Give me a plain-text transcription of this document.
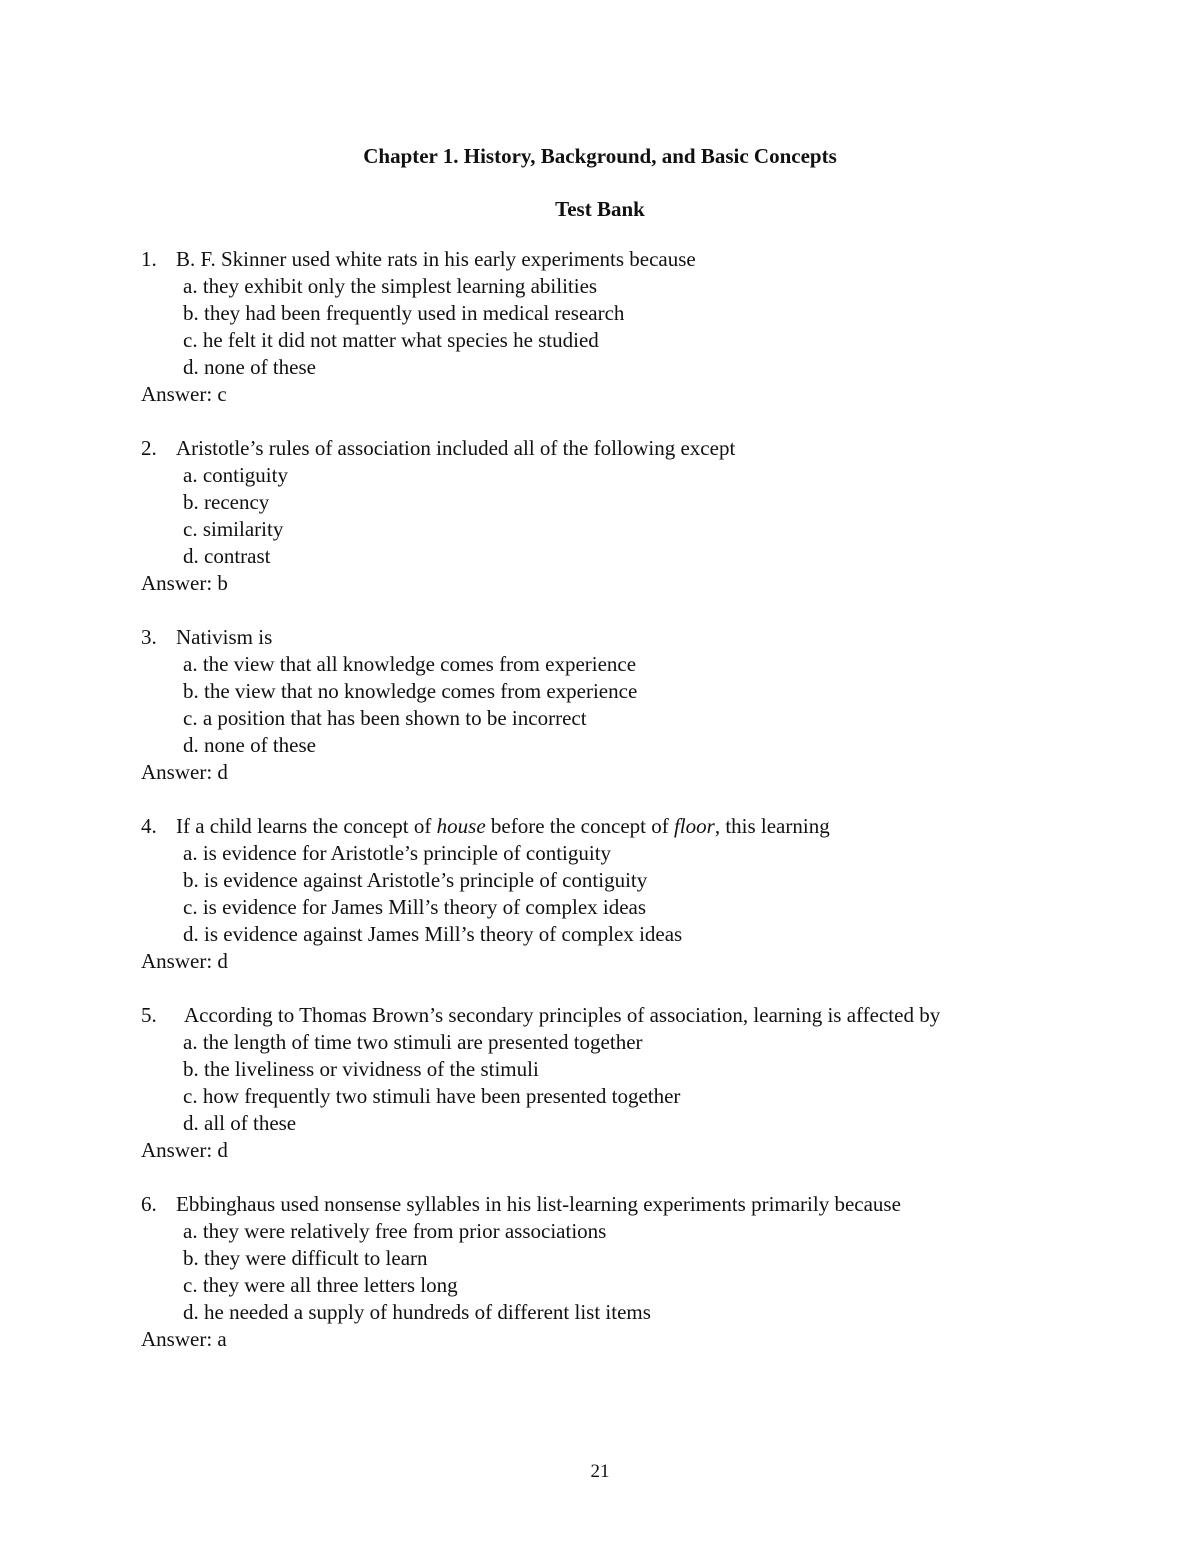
Chapter 1. History, Background, and Basic Concepts
Test Bank
1. B. F. Skinner used white rats in his early experiments because
a. they exhibit only the simplest learning abilities
b. they had been frequently used in medical research
c. he felt it did not matter what species he studied
d. none of these
Answer: c
2. Aristotle’s rules of association included all of the following except
a. contiguity
b. recency
c. similarity
d. contrast
Answer: b
3. Nativism is
a. the view that all knowledge comes from experience
b. the view that no knowledge comes from experience
c. a position that has been shown to be incorrect
d. none of these
Answer: d
4. If a child learns the concept of house before the concept of floor, this learning
a. is evidence for Aristotle’s principle of contiguity
b. is evidence against Aristotle’s principle of contiguity
c. is evidence for James Mill’s theory of complex ideas
d. is evidence against James Mill’s theory of complex ideas
Answer: d
5.	According to Thomas Brown’s secondary principles of association, learning is affected by
a. the length of time two stimuli are presented together
b. the liveliness or vividness of the stimuli
c. how frequently two stimuli have been presented together
d. all of these
Answer: d
6. Ebbinghaus used nonsense syllables in his list-learning experiments primarily because
a. they were relatively free from prior associations
b. they were difficult to learn
c. they were all three letters long
d. he needed a supply of hundreds of different list items
Answer: a
21
